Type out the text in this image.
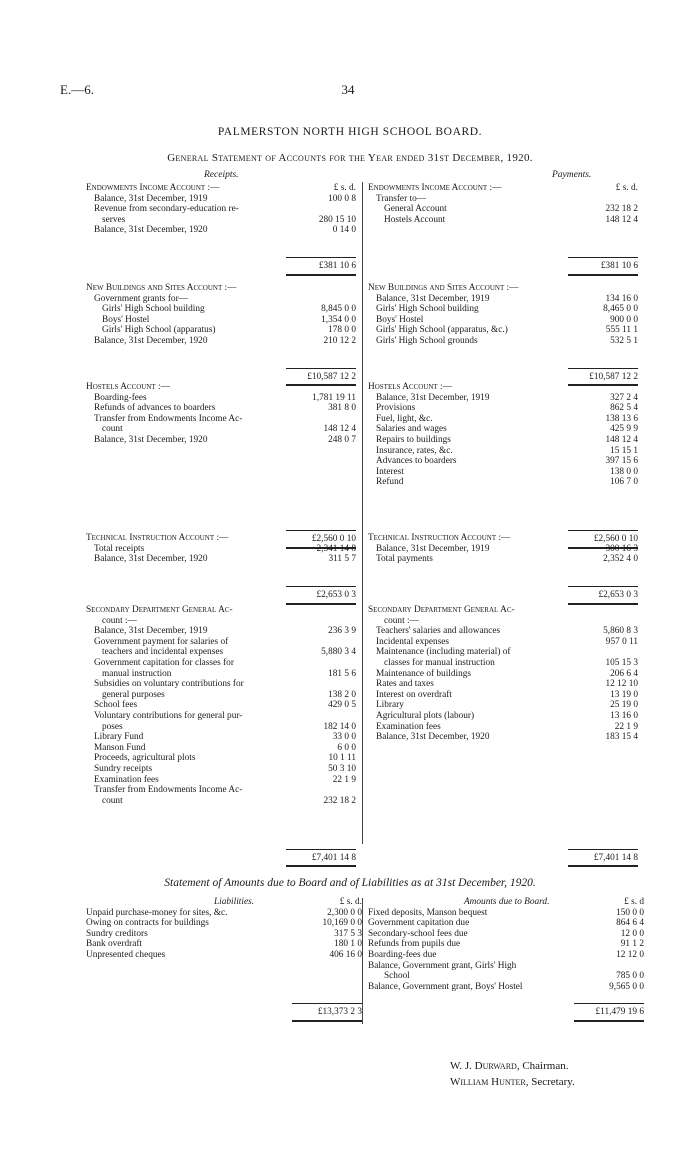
E.—6.	34
PALMERSTON NORTH HIGH SCHOOL BOARD.
General Statement of Accounts for the Year ended 31st December, 1920.
Receipts.	Payments.
Endowments Income Account :—	£ s. d.
Balance, 31st December, 1919	100 0 8
Revenue from secondary-education re-
serves	280 15 10
Balance, 31st December, 1920	0 14 0
£381 10 6
Endowments Income Account :—	£ s. d.
Transfer to—
General Account	232 18 2
Hostels Account	148 12 4
£381 10 6
New Buildings and Sites Account :—
Government grants for—
Girls' High School building	8,845 0 0
Boys' Hostel	1,354 0 0
Girls' High School (apparatus)	178 0 0
Balance, 31st December, 1920	210 12 2
£10,587 12 2
New Buildings and Sites Account :—
Balance, 31st December, 1919	134 16 0
Girls' High School building	8,465 0 0
Boys' Hostel	900 0 0
Girls' High School (apparatus, &c.)	555 11 1
Girls' High School grounds	532 5 1
£10,587 12 2
Hostels Account :—
Boarding-fees	1,781 19 11
Refunds of advances to boarders	381 8 0
Transfer from Endowments Income Ac-
count	148 12 4
Balance, 31st December, 1920	248 0 7
£2,560 0 10
Hostels Account :—
Balance, 31st December, 1919	327 2 4
Provisions	862 5 4
Fuel, light, &c.	138 13 6
Salaries and wages	425 9 9
Repairs to buildings	148 12 4
Insurance, rates, &c.	15 15 1
Advances to boarders	397 15 6
Interest	138 0 0
Refund	106 7 0
£2,560 0 10
Technical Instruction Account :—
Total receipts	2,341 14 8
Balance, 31st December, 1920	311 5 7
£2,653 0 3
Technical Instruction Account :—
Balance, 31st December, 1919	300 16 3
Total payments	2,352 4 0
£2,653 0 3
Secondary Department General Ac-
count :—
Balance, 31st December, 1919	236 3 9
Government payment for salaries of
teachers and incidental expenses	5,880 3 4
Government capitation for classes for
manual instruction	181 5 6
Subsidies on voluntary contributions for
general purposes	138 2 0
School fees	429 0 5
Voluntary contributions for general pur-
poses	182 14 0
Library Fund	33 0 0
Manson Fund	6 0 0
Proceeds, agricultural plots	10 1 11
Sundry receipts	50 3 10
Examination fees	22 1 9
Transfer from Endowments Income Ac-
count	232 18 2
£7,401 14 8
Secondary Department General Ac-
count :—
Teachers' salaries and allowances	5,860 8 3
Incidental expenses	957 0 11
Maintenance (including material) of
classes for manual instruction	105 15 3
Maintenance of buildings	206 6 4
Rates and taxes	12 12 10
Interest on overdraft	13 19 0
Library	25 19 0
Agricultural plots (labour)	13 16 0
Examination fees	22 1 9
Balance, 31st December, 1920	183 15 4
£7,401 14 8
Statement of Amounts due to Board and of Liabilities as at 31st December, 1920.
Liabilities.	£ s. d.
Unpaid purchase-money for sites, &c.	2,300 0 0
Owing on contracts for buildings	10,169 0 0
Sundry creditors	317 5 3
Bank overdraft	180 1 0
Unpresented cheques	406 16 0
£13,373 2 3
Amounts due to Board.	£ s. d
Fixed deposits, Manson bequest	150 0 0
Government capitation due	864 6 4
Secondary-school fees due	12 0 0
Refunds from pupils due	91 1 2
Boarding-fees due	12 12 0
Balance, Government grant, Girls' High
School	785 0 0
Balance, Government grant, Boys' Hostel	9,565 0 0
£11,479 19 6
W. J. Durward, Chairman.
William Hunter, Secretary.
